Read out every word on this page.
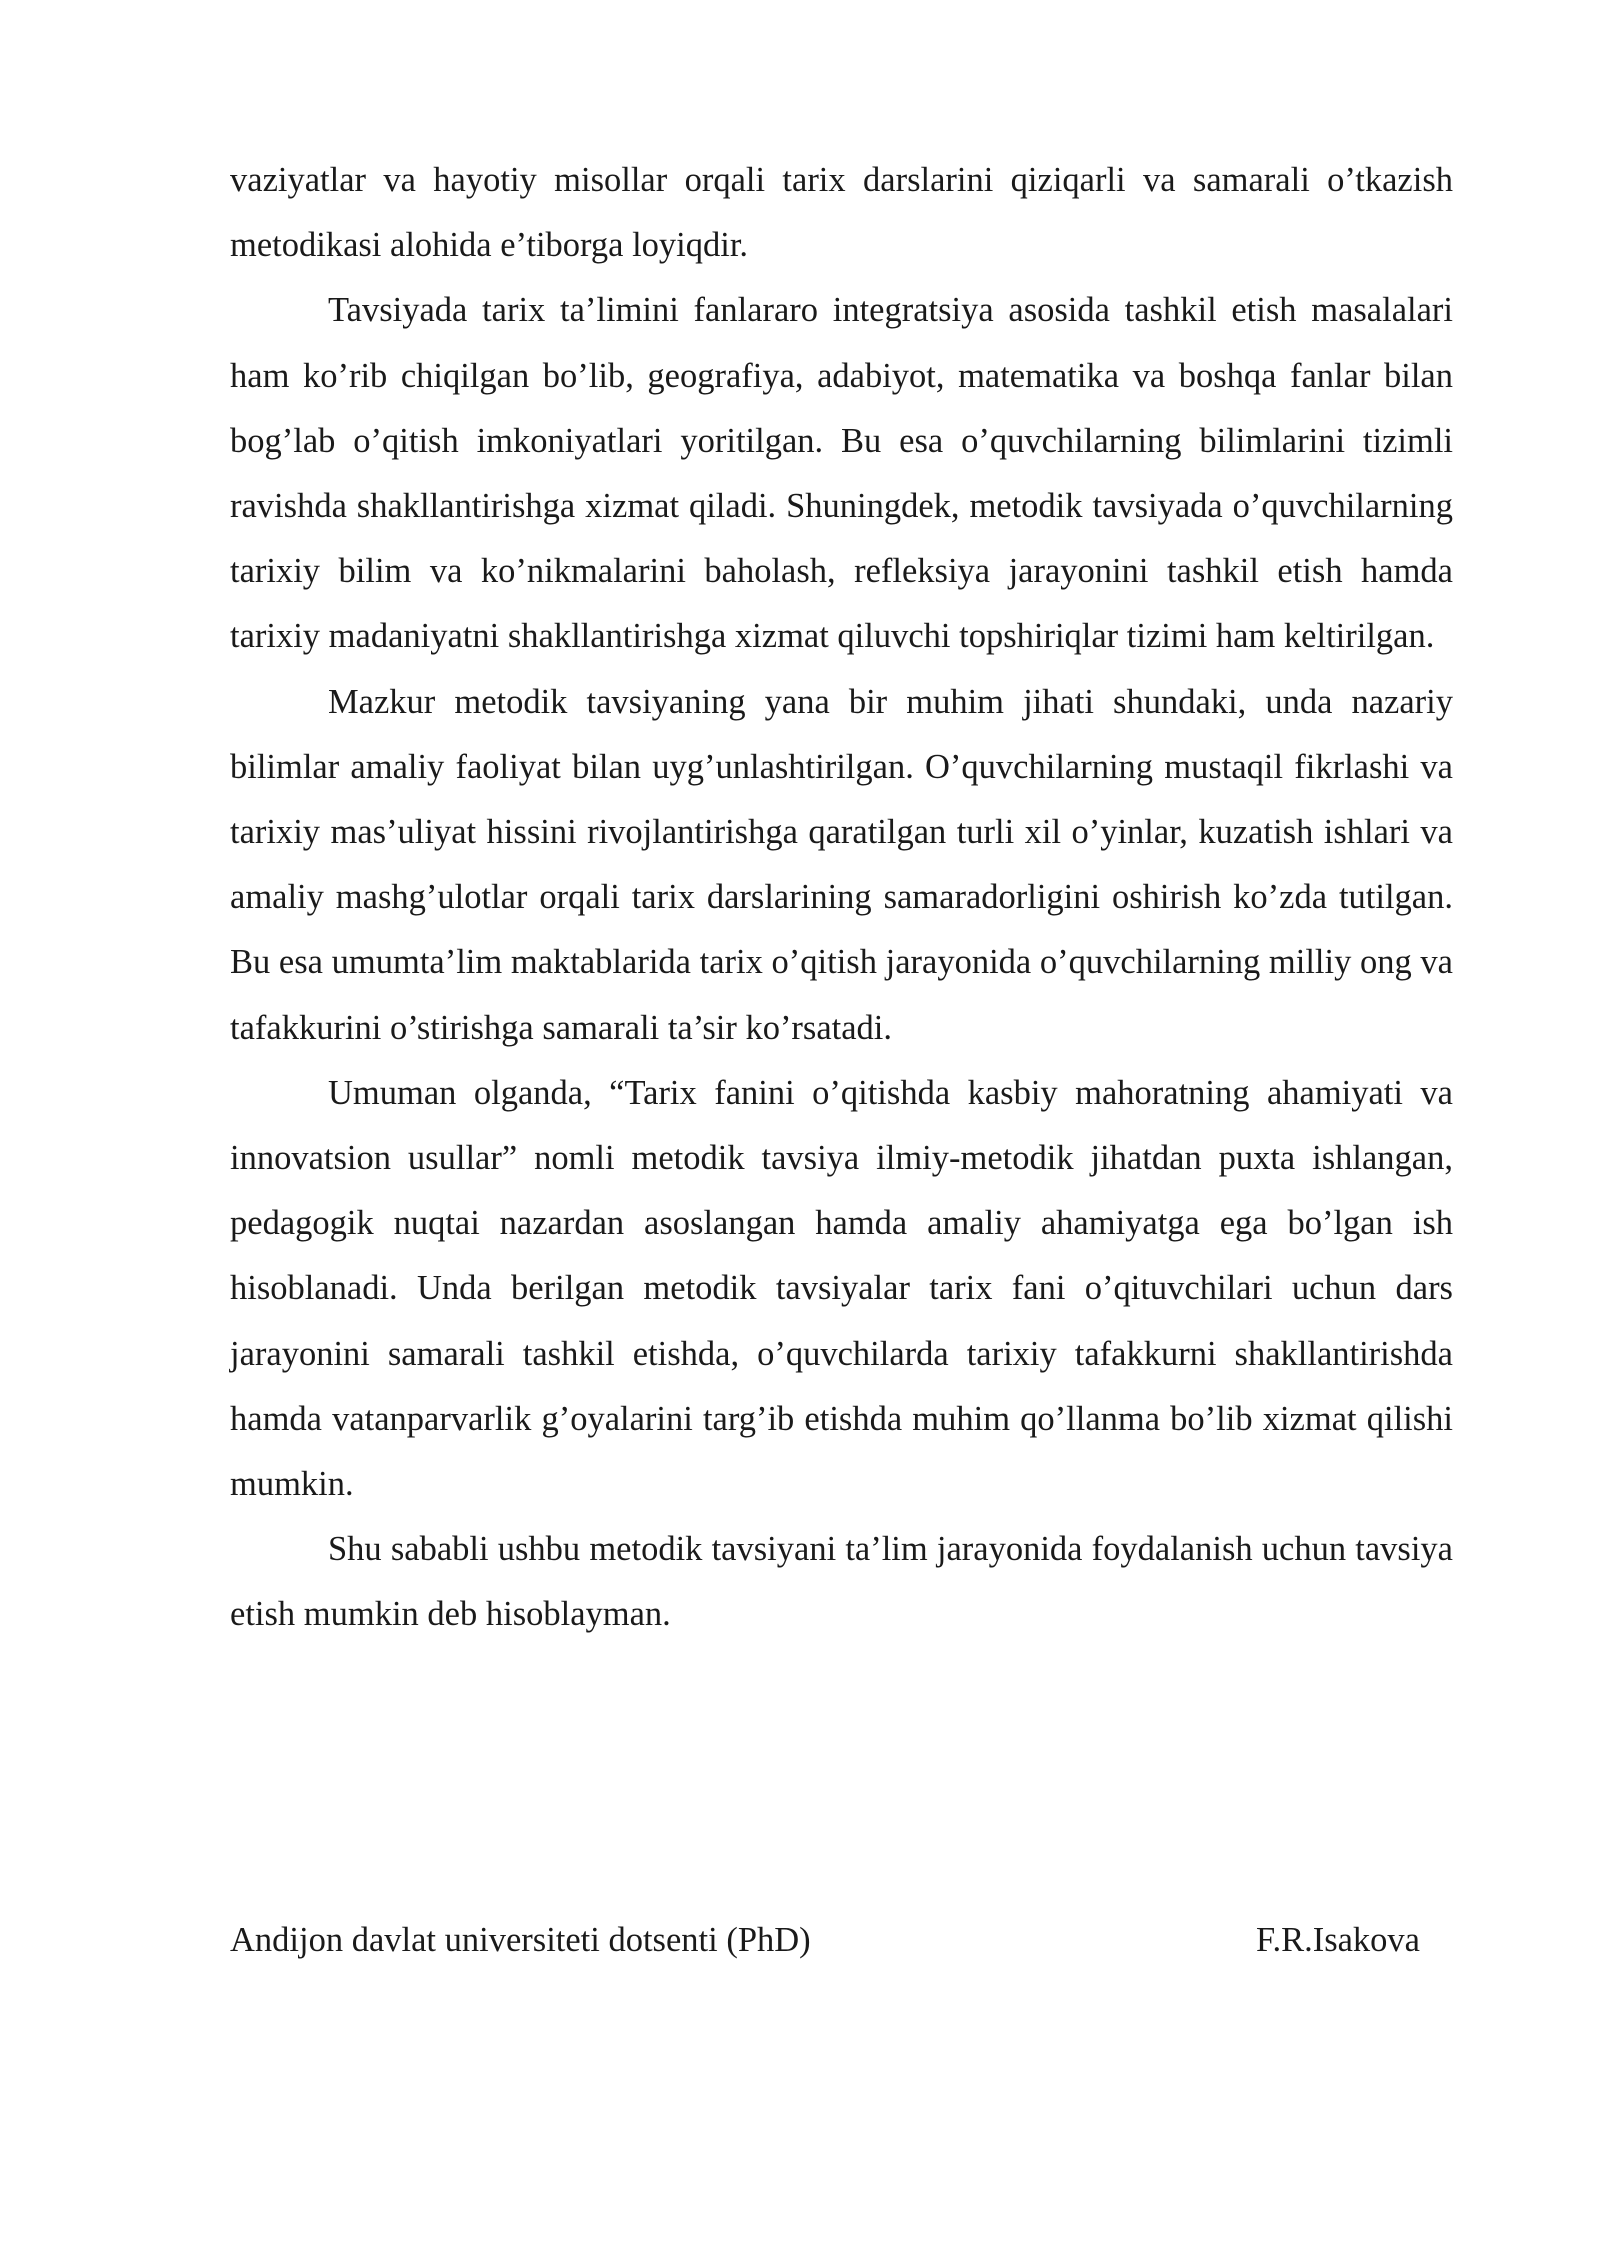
vaziyatlar va hayotiy misollar orqali tarix darslarini qiziqarli va samarali o’tkazish metodikasi alohida e’tiborga loyiqdir.

Tavsiyada tarix ta’limini fanlararo integratsiya asosida tashkil etish masalalari ham ko’rib chiqilgan bo’lib, geografiya, adabiyot, matematika va boshqa fanlar bilan bog’lab o’qitish imkoniyatlari yoritilgan. Bu esa o’quvchilarning bilimlarini tizimli ravishda shakllantirishga xizmat qiladi. Shuningdek, metodik tavsiyada o’quvchilarning tarixiy bilim va ko’nikmalarini baholash, refleksiya jarayonini tashkil etish hamda tarixiy madaniyatni shakllantirishga xizmat qiluvchi topshiriqlar tizimi ham keltirilgan.

Mazkur metodik tavsiyaning yana bir muhim jihati shundaki, unda nazariy bilimlar amaliy faoliyat bilan uyg’unlashtirilgan. O’quvchilarning mustaqil fikrlashi va tarixiy mas’uliyat hissini rivojlantirishga qaratilgan turli xil o’yinlar, kuzatish ishlari va amaliy mashg’ulotlar orqali tarix darslarining samaradorligini oshirish ko’zda tutilgan. Bu esa umumta’lim maktablarida tarix o’qitish jarayonida o’quvchilarning milliy ong va tafakkurini o’stirishga samarali ta’sir ko’rsatadi.

Umuman olganda, “Tarix fanini o’qitishda kasbiy mahoratning ahamiyati va innovatsion usullar” nomli metodik tavsiya ilmiy-metodik jihatdan puxta ishlangan, pedagogik nuqtai nazardan asoslangan hamda amaliy ahamiyatga ega bo’lgan ish hisoblanadi. Unda berilgan metodik tavsiyalar tarix fani o’qituvchilari uchun dars jarayonini samarali tashkil etishda, o’quvchilarda tarixiy tafakkurni shakllantirishda hamda vatanparvarlik g’oyalarini targ’ib etishda muhim qo’llanma bo’lib xizmat qilishi mumkin.

Shu sababli ushbu metodik tavsiyani ta’lim jarayonida foydalanish uchun tavsiya etish mumkin deb hisoblayman.

Andijon davlat universiteti dotsenti (PhD)	F.R.Isakova
